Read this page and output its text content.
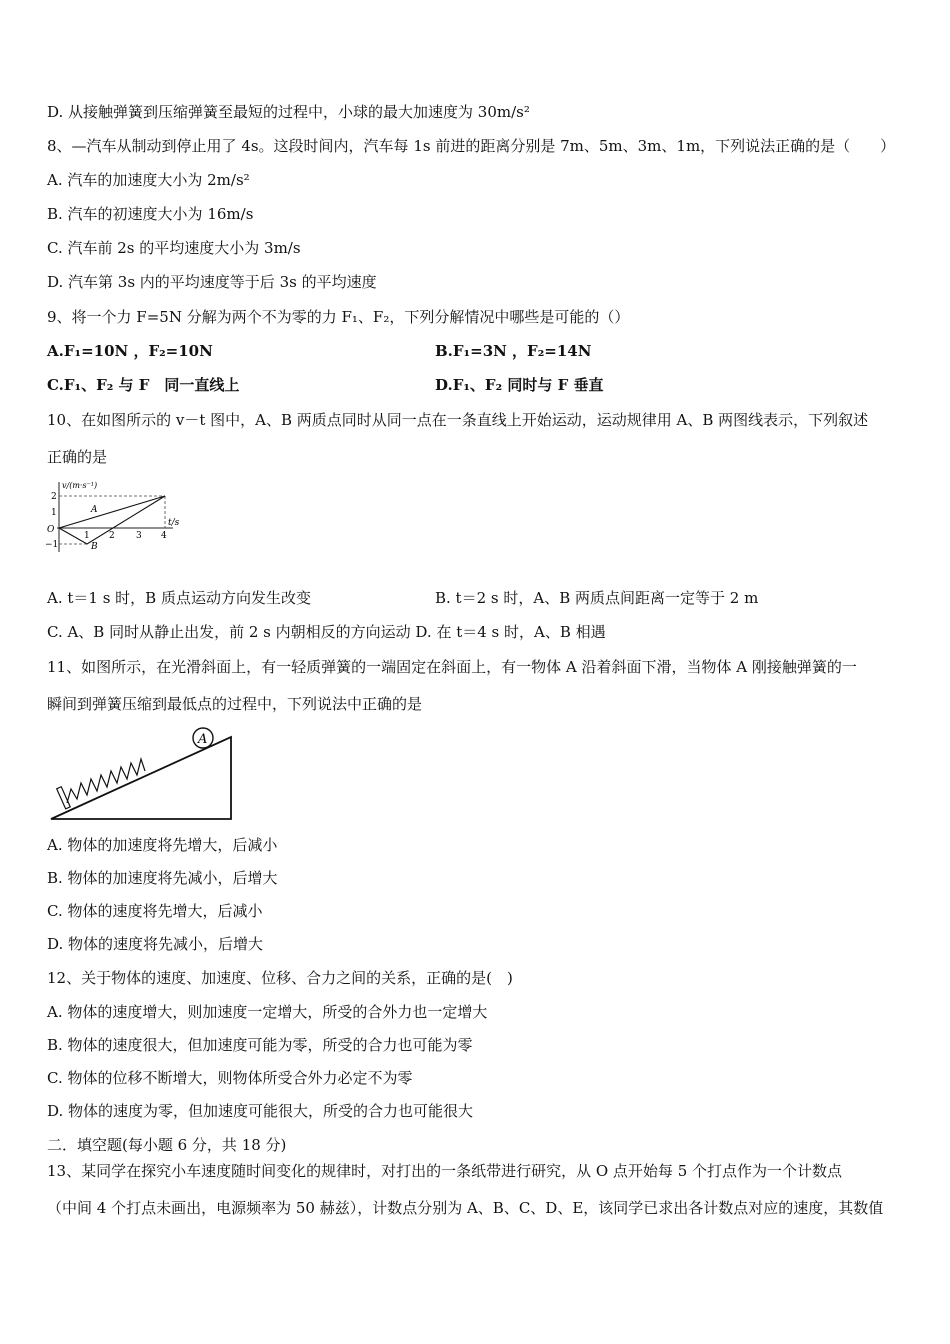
D. 从接触弹簧到压缩弹簧至最短的过程中，小球的最大加速度为 30m/s²
8、—汽车从制动到停止用了 4s。这段时间内，汽车每 1s 前进的距离分别是 7m、5m、3m、1m，下列说法正确的是（　　）
A. 汽车的加速度大小为 2m/s²
B. 汽车的初速度大小为 16m/s
C. 汽车前 2s 的平均速度大小为 3m/s
D. 汽车第 3s 内的平均速度等于后 3s 的平均速度
9、将一个力 F=5N 分解为两个不为零的力 F₁、F₂，下列分解情况中哪些是可能的（）
A.F₁=10N ，F₂=10N	B.F₁=3N ，F₂=14N
C.F₁、F₂ 与 F　同一直线上	D.F₁、F₂ 同时与 F 垂直
10、在如图所示的 v－t 图中，A、B 两质点同时从同一点在一条直线上开始运动，运动规律用 A、B 两图线表示，下列叙述
正确的是
v/(m·s⁻¹)
t/s
O
2
1
−1
1 2 3 4
A
B
A. t＝1 s 时，B 质点运动方向发生改变	B. t＝2 s 时，A、B 两质点间距离一定等于 2 m
C. A、B 同时从静止出发，前 2 s 内朝相反的方向运动 D. 在 t＝4 s 时，A、B 相遇
11、如图所示，在光滑斜面上，有一轻质弹簧的一端固定在斜面上，有一物体 A 沿着斜面下滑，当物体 A 刚接触弹簧的一
瞬间到弹簧压缩到最低点的过程中，下列说法中正确的是
A
A. 物体的加速度将先增大，后减小
B. 物体的加速度将先减小，后增大
C. 物体的速度将先增大，后减小
D. 物体的速度将先减小，后增大
12、关于物体的速度、加速度、位移、合力之间的关系，正确的是(　)
A. 物体的速度增大，则加速度一定增大，所受的合外力也一定增大
B. 物体的速度很大，但加速度可能为零，所受的合力也可能为零
C. 物体的位移不断增大，则物体所受合外力必定不为零
D. 物体的速度为零，但加速度可能很大，所受的合力也可能很大
二．填空题(每小题 6 分，共 18 分)
13、某同学在探究小车速度随时间变化的规律时，对打出的一条纸带进行研究，从 O 点开始每 5 个打点作为一个计数点
（中间 4 个打点未画出，电源频率为 50 赫兹），计数点分别为 A、B、C、D、E，该同学已求出各计数点对应的速度，其数值
